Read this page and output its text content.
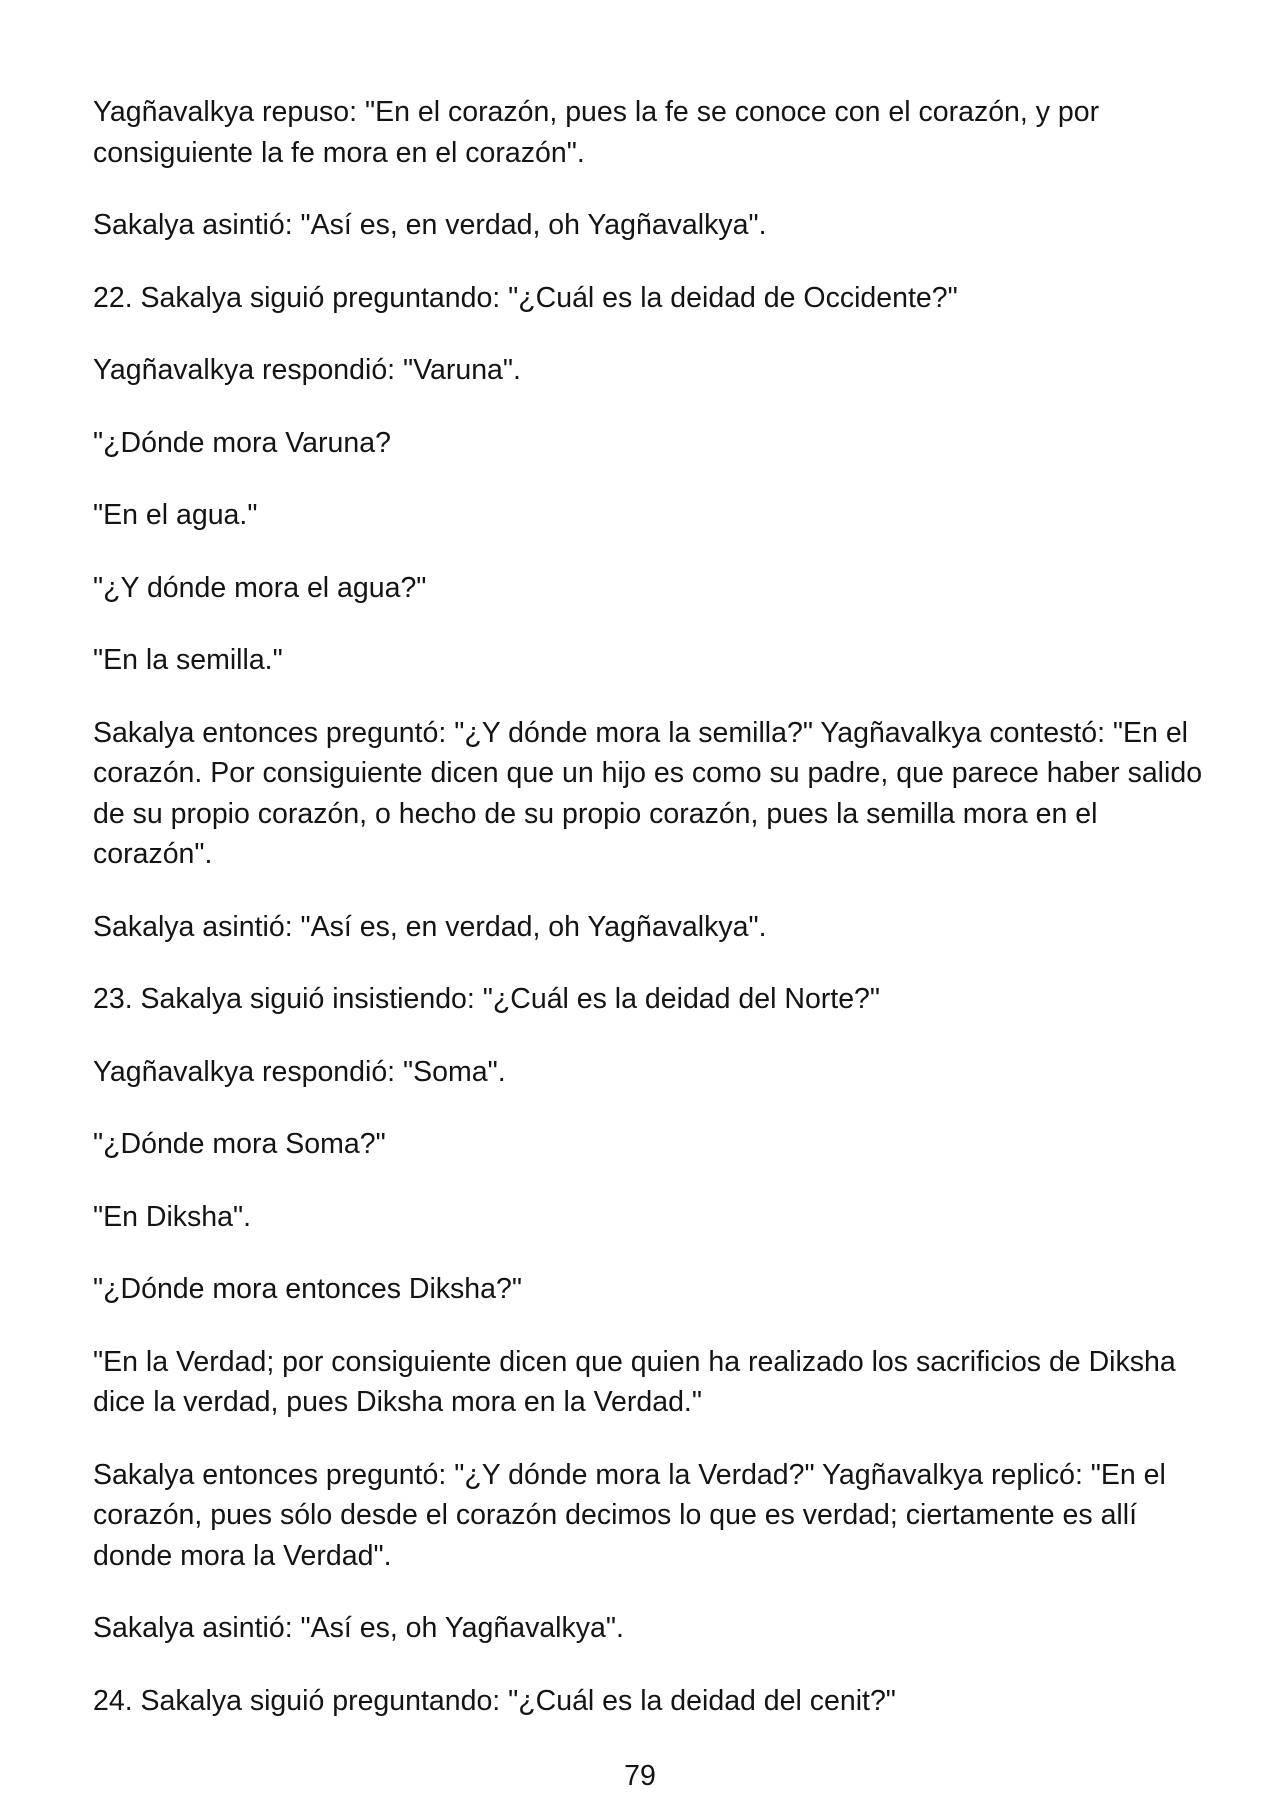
Yagñavalkya repuso: "En el corazón, pues la fe se conoce con el corazón, y por consiguiente la fe mora en el corazón".

Sakalya asintió: "Así es, en verdad, oh Yagñavalkya".

22. Sakalya siguió preguntando: "¿Cuál es la deidad de Occidente?"

Yagñavalkya respondió: "Varuna".

"¿Dónde mora Varuna?

"En el agua."

"¿Y dónde mora el agua?"

"En la semilla."

Sakalya entonces preguntó: "¿Y dónde mora la semilla?" Yagñavalkya contestó: "En el corazón. Por consiguiente dicen que un hijo es como su padre, que parece haber salido de su propio corazón, o hecho de su propio corazón, pues la semilla mora en el corazón".

Sakalya asintió: "Así es, en verdad, oh Yagñavalkya".

23. Sakalya siguió insistiendo: "¿Cuál es la deidad del Norte?"

Yagñavalkya respondió: "Soma".

"¿Dónde mora Soma?"

"En Diksha".

"¿Dónde mora entonces Diksha?"

"En la Verdad; por consiguiente dicen que quien ha realizado los sacrificios de Diksha dice la verdad, pues Diksha mora en la Verdad."

Sakalya entonces preguntó: "¿Y dónde mora la Verdad?" Yagñavalkya replicó: "En el corazón, pues sólo desde el corazón decimos lo que es verdad; ciertamente es allí donde mora la Verdad".

Sakalya asintió: "Así es, oh Yagñavalkya".

24. Sakalya siguió preguntando: "¿Cuál es la deidad del cenit?"

79
